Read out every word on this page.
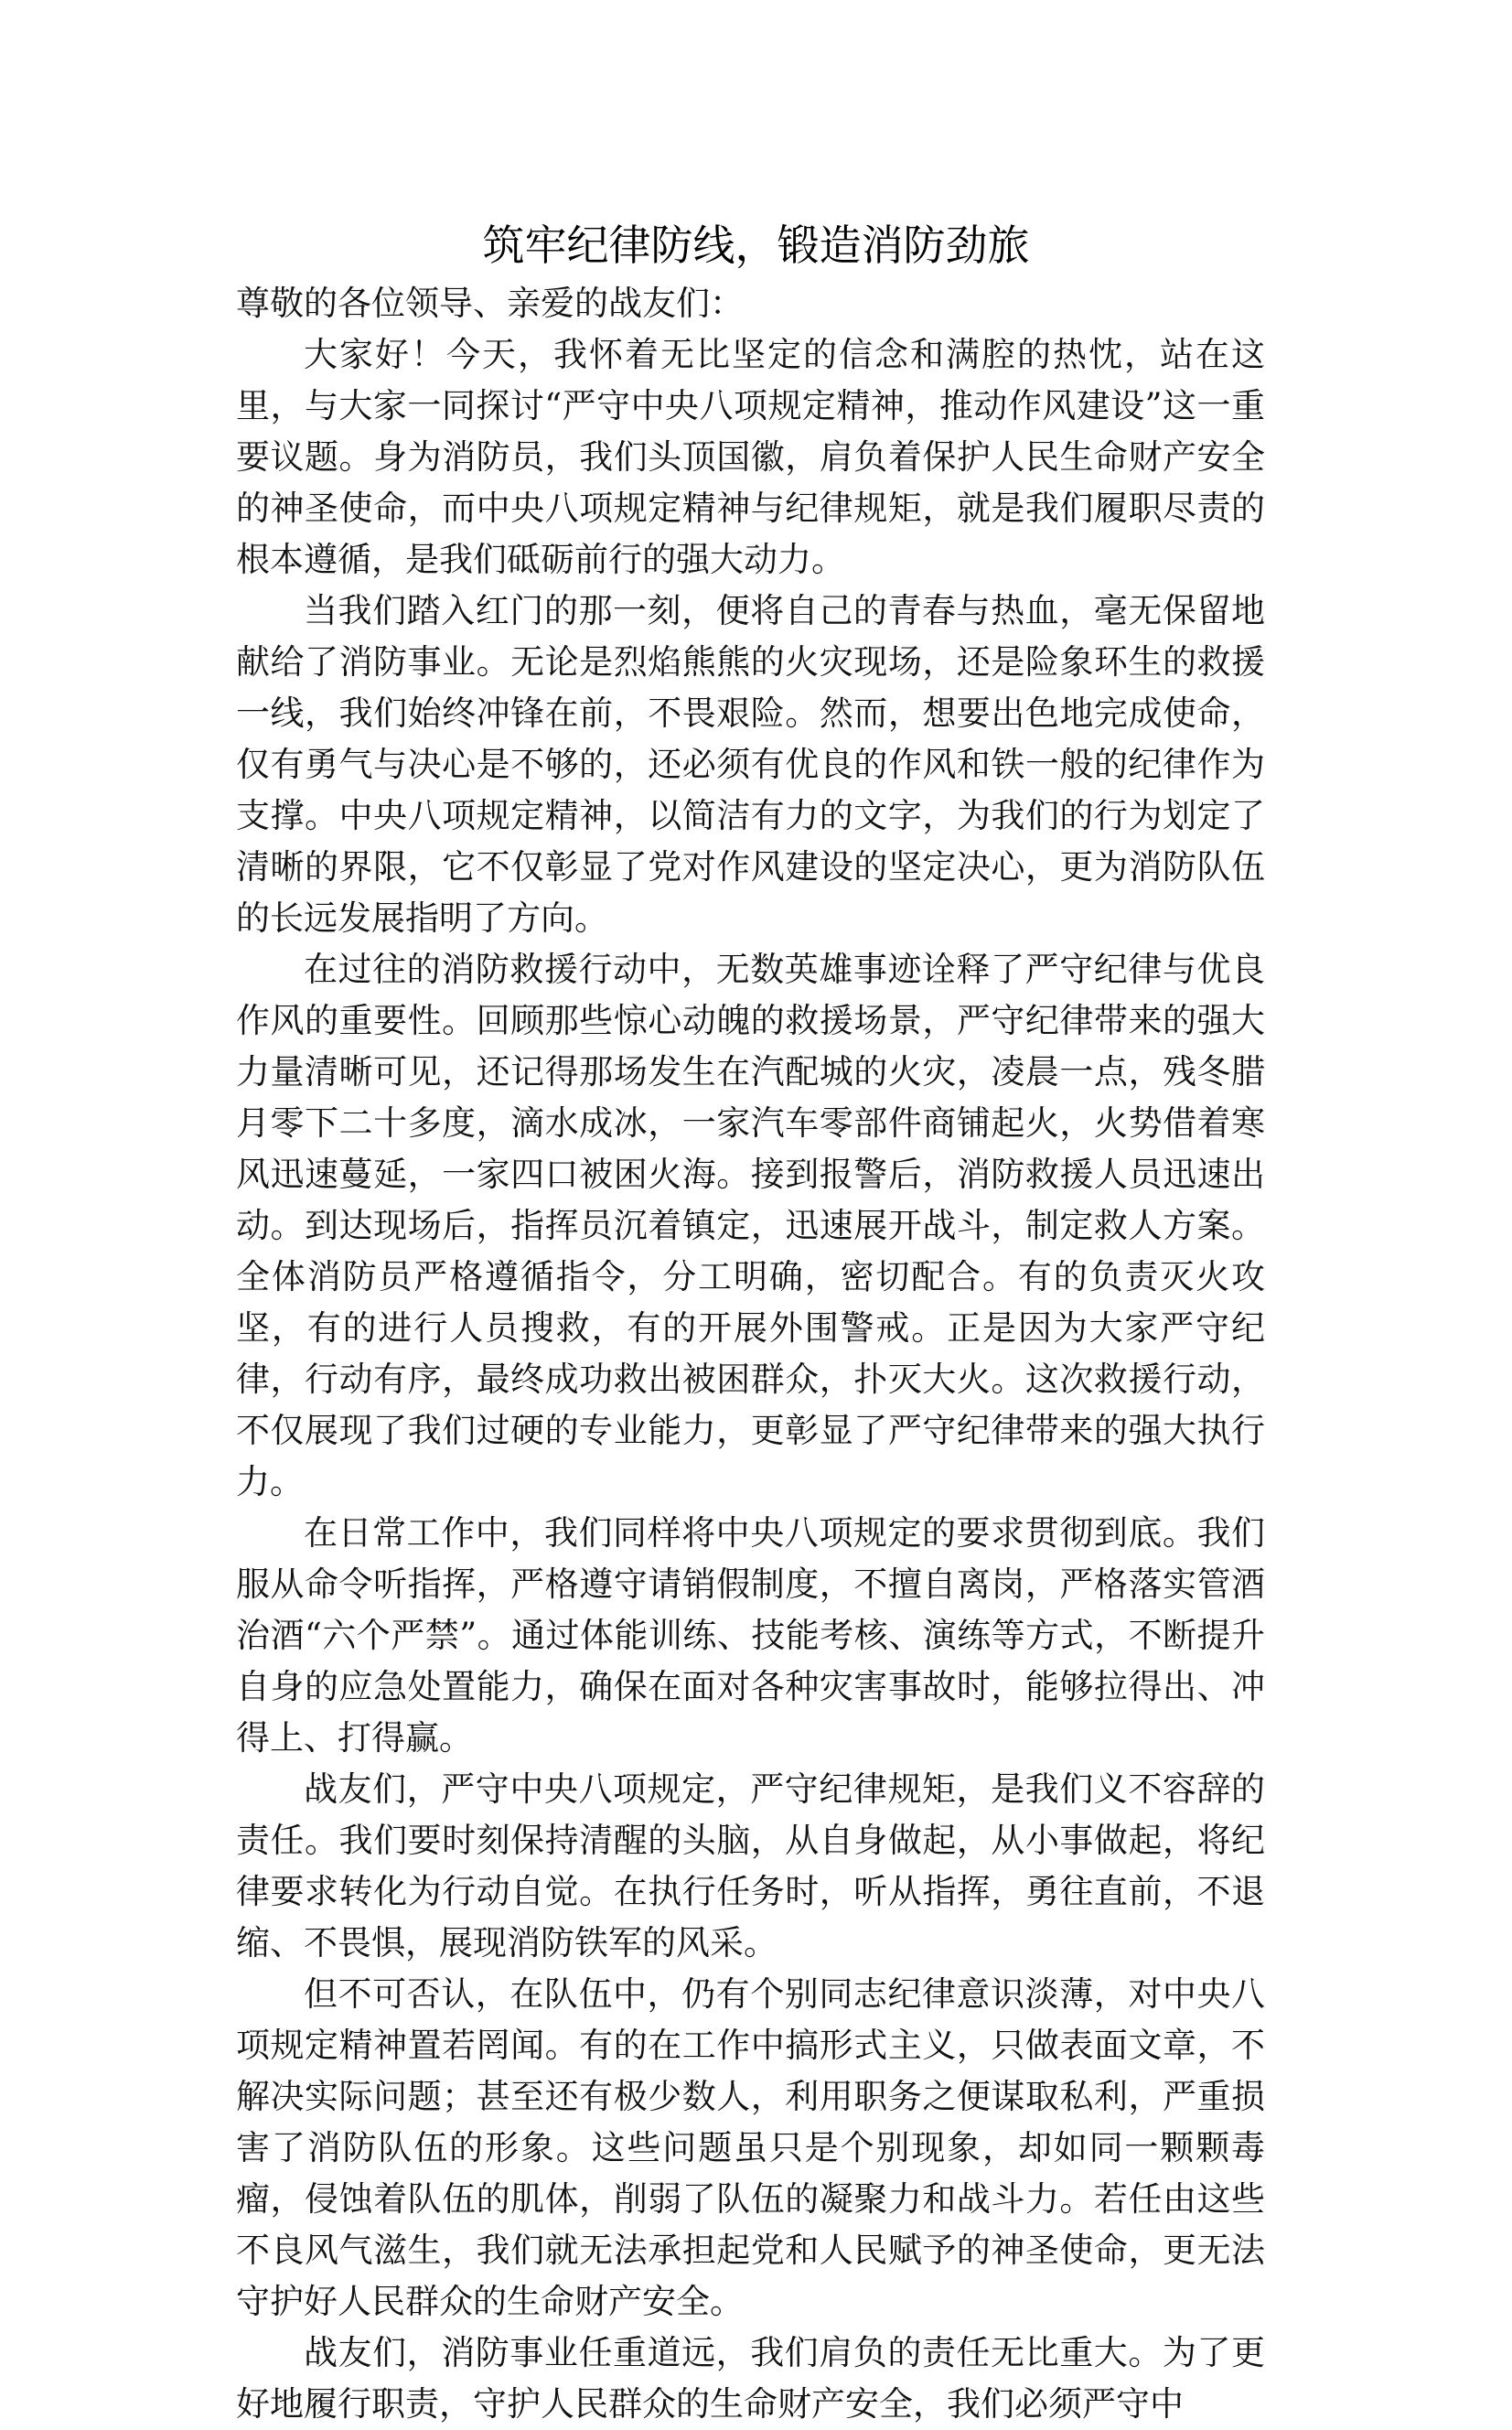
筑牢纪律防线，锻造消防劲旅

尊敬的各位领导、亲爱的战友们：

大家好！今天，我怀着无比坚定的信念和满腔的热忱，站在这里，与大家一同探讨“严守中央八项规定精神，推动作风建设”这一重要议题。身为消防员，我们头顶国徽，肩负着保护人民生命财产安全的神圣使命，而中央八项规定精神与纪律规矩，就是我们履职尽责的根本遵循，是我们砥砺前行的强大动力。

当我们踏入红门的那一刻，便将自己的青春与热血，毫无保留地献给了消防事业。无论是烈焰熊熊的火灾现场，还是险象环生的救援一线，我们始终冲锋在前，不畏艰险。然而，想要出色地完成使命，仅有勇气与决心是不够的，还必须有优良的作风和铁一般的纪律作为支撑。中央八项规定精神，以简洁有力的文字，为我们的行为划定了清晰的界限，它不仅彰显了党对作风建设的坚定决心，更为消防队伍的长远发展指明了方向。

在过往的消防救援行动中，无数英雄事迹诠释了严守纪律与优良作风的重要性。回顾那些惊心动魄的救援场景，严守纪律带来的强大力量清晰可见，还记得那场发生在汽配城的火灾，凌晨一点，残冬腊月零下二十多度，滴水成冰，一家汽车零部件商铺起火，火势借着寒风迅速蔓延，一家四口被困火海。接到报警后，消防救援人员迅速出动。到达现场后，指挥员沉着镇定，迅速展开战斗，制定救人方案。全体消防员严格遵循指令，分工明确，密切配合。有的负责灭火攻坚，有的进行人员搜救，有的开展外围警戒。正是因为大家严守纪律，行动有序，最终成功救出被困群众，扑灭大火。这次救援行动，不仅展现了我们过硬的专业能力，更彰显了严守纪律带来的强大执行力。

在日常工作中，我们同样将中央八项规定的要求贯彻到底。我们服从命令听指挥，严格遵守请销假制度，不擅自离岗，严格落实管酒治酒“六个严禁”。通过体能训练、技能考核、演练等方式，不断提升自身的应急处置能力，确保在面对各种灾害事故时，能够拉得出、冲得上、打得赢。

战友们，严守中央八项规定，严守纪律规矩，是我们义不容辞的责任。我们要时刻保持清醒的头脑，从自身做起，从小事做起，将纪律要求转化为行动自觉。在执行任务时，听从指挥，勇往直前，不退缩、不畏惧，展现消防铁军的风采。

但不可否认，在队伍中，仍有个别同志纪律意识淡薄，对中央八项规定精神置若罔闻。有的在工作中搞形式主义，只做表面文章，不解决实际问题；甚至还有极少数人，利用职务之便谋取私利，严重损害了消防队伍的形象。这些问题虽只是个别现象，却如同一颗颗毒瘤，侵蚀着队伍的肌体，削弱了队伍的凝聚力和战斗力。若任由这些不良风气滋生，我们就无法承担起党和人民赋予的神圣使命，更无法守护好人民群众的生命财产安全。

战友们，消防事业任重道远，我们肩负的责任无比重大。为了更好地履行职责，守护人民群众的生命财产安全，我们必须严守中
